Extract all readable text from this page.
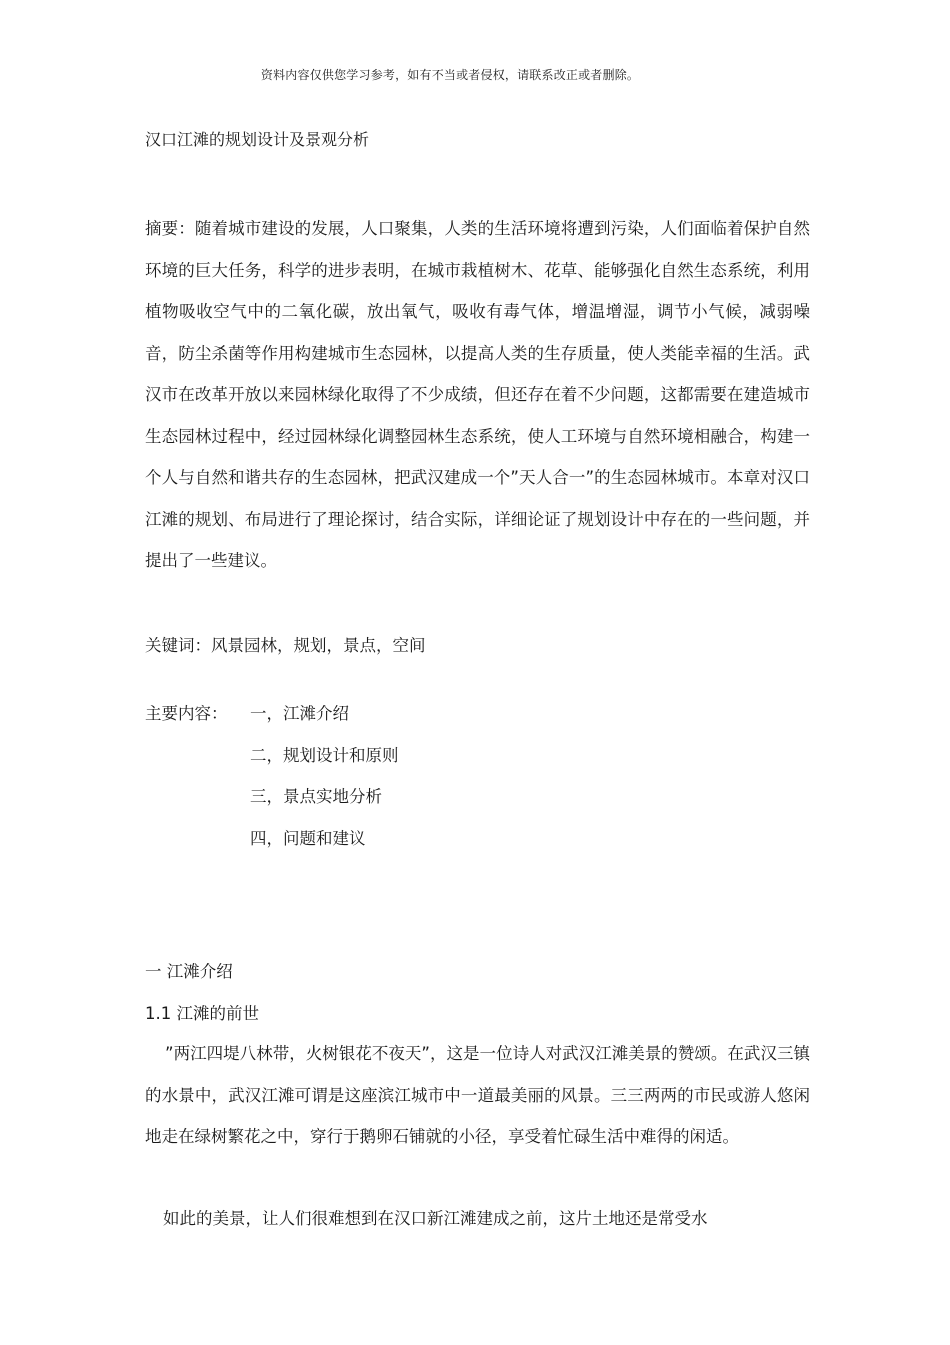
资料内容仅供您学习参考，如有不当或者侵权，请联系改正或者删除。
汉口江滩的规划设计及景观分析
摘要：随着城市建设的发展，人口聚集，人类的生活环境将遭到污染，人们面临着保护自然环境的巨大任务，科学的进步表明，在城市栽植树木、花草、能够强化自然生态系统，利用植物吸收空气中的二氧化碳，放出氧气，吸收有毒气体，增温增湿，调节小气候，减弱噪音，防尘杀菌等作用构建城市生态园林，以提高人类的生存质量，使人类能幸福的生活。武汉市在改革开放以来园林绿化取得了不少成绩，但还存在着不少问题，这都需要在建造城市生态园林过程中，经过园林绿化调整园林生态系统，使人工环境与自然环境相融合，构建一个人与自然和谐共存的生态园林，把武汉建成一个”天人合一”的生态园林城市。本章对汉口江滩的规划、布局进行了理论探讨，结合实际，详细论证了规划设计中存在的一些问题，并提出了一些建议。
关键词：风景园林，规划，景点，空间
主要内容： 一，江滩介绍
二，规划设计和原则
三，景点实地分析
四，问题和建议
一 江滩介绍
1.1 江滩的前世
”两江四堤八林带，火树银花不夜天”，这是一位诗人对武汉江滩美景的赞颂。在武汉三镇的水景中，武汉江滩可谓是这座滨江城市中一道最美丽的风景。三三两两的市民或游人悠闲地走在绿树繁花之中，穿行于鹅卵石铺就的小径，享受着忙碌生活中难得的闲适。
如此的美景，让人们很难想到在汉口新江滩建成之前，这片土地还是常受水
